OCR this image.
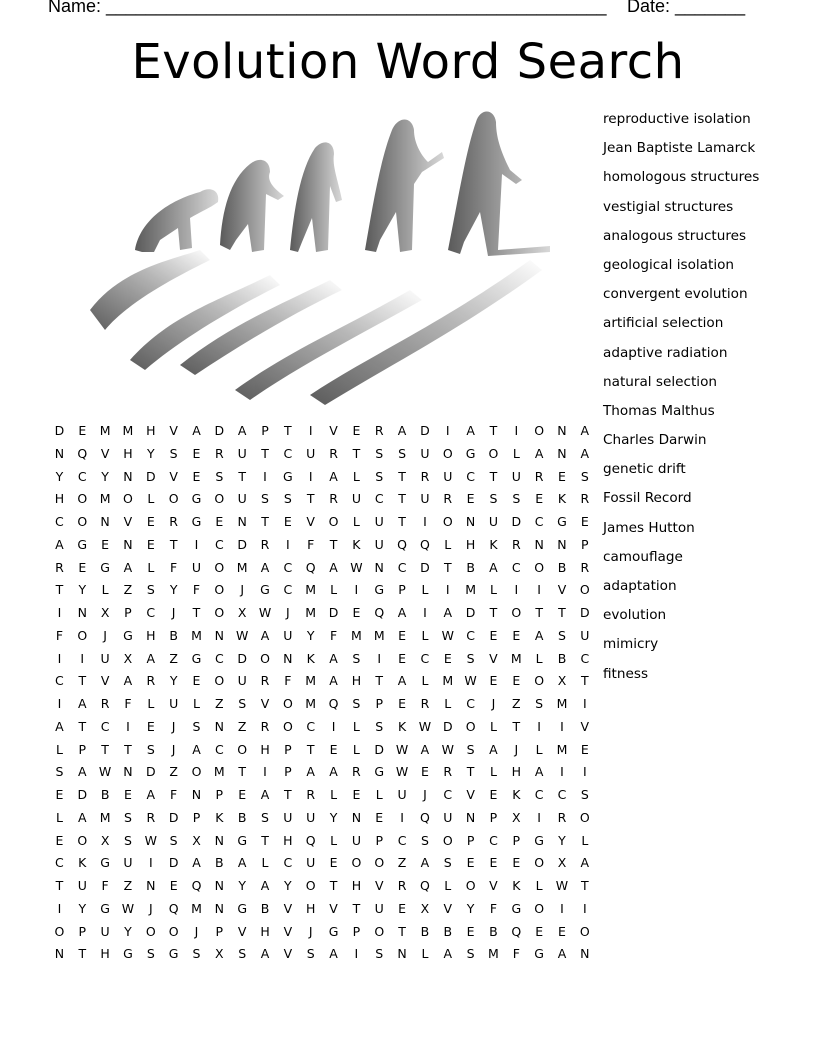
Name: __________________________________________________ Date: _______
Evolution Word Search
D	E	M M	H	V	A	D	A	P	T	I	V	E	R	A	D	I	A	T	I	O	N	A
N	Q	V	H	Y	S	E	R	U	T	C	U	R	T	S	S	U	O	G	O	L	A	N	A
Y	C	Y	N	D	V	E	S	T	I	G	I	A	L	S	T	R	U	C	T	U	R	E	S
H	O	M	O	L	O	G	O	U	S	S	T	R	U	C	T	U	R	E	S	S	E	K	R
C	O	N	V	E	R	G	E	N	T	E	V	O	L	U	T	I	O	N	U	D	C	G	E
A	G	E	N	E	T	I	C	D	R	I	F	T	K	U	Q	Q	L	H	K	R	N	N	P
R	E	G	A	L	F	U	O	M	A	C	Q	A W N	C	D	T	B	A	C	O	B	R
T	Y	L	Z	S	Y	F	O	J	G	C	M	L	I	G	P	L	I	M	L	I	I	V	O
I	N	X	P	C	J	T	O	X W	J	M	D	E	Q	A	I	A	D	T	O	T	T	D
F	O	J	G	H	B	M	N W A	U	Y	F	M M	E	L	W C	E	E	A	S	U
I	I	U	X	A	Z	G	C	D	O	N	K	A	S	I	E	C	E	S	V	M	L	B	C
C	T	V	A	R	Y	E	O	U	R	F	M	A	H	T	A	L	M W	E	E	O	X	T
I	A	R	F	L	U	L	Z	S	V	O	M	Q	S	P	E	R	L	C	J	Z	S	M	I
A	T	C	I	E	J	S	N	Z	R	O	C	I	L	S	K	W D	O	L	T	I	I	V
L	P	T	T	S	J	A	C	O	H	P	T	E	L	D W A W	S	A	J	L	M	E
S	A W N	D	Z	O	M	T	I	P	A	A	R	G W	E	R	T	L	H	A	I	I
E	D	B	E	A	F	N	P	E	A	T	R	L	E	L	U	J	C	V	E	K	C	C	S
L	A	M	S	R	D	P	K	B	S	U	U	Y	N	E	I	Q	U	N	P	X	I	R	O
E	O	X	S	W	S	X	N	G	T	H	Q	L	U	P	C	S	O	P	C	P	G	Y	L
C	K	G	U	I	D	A	B	A	L	C	U	E	O	O	Z	A	S	E	E	E	O	X	A
T	U	F	Z	N	E	Q	N	Y	A	Y	O	T	H	V	R	Q	L	O	V	K	L	W	T
I	Y	G W	J	Q	M	N	G	B	V	H	V	T	U	E	X	V	Y	F	G	O	I	I
O	P	U	Y	O	O	J	P	V	H	V	J	G	P	O	T	B	B	E	B	Q	E	E	O
N	T	H	G	S	G	S	X	S	A	V	S	A	I	S	N	L	A	S	M	F	G	A	N
reproductive isolation
Jean Baptiste Lamarck
homologous structures
vestigial structures
analogous structures
geological isolation
convergent evolution
artificial selection
adaptive radiation
natural selection
Thomas Malthus
Charles Darwin
genetic drift
Fossil Record
James Hutton
camouflage
adaptation
evolution
mimicry
fitness
